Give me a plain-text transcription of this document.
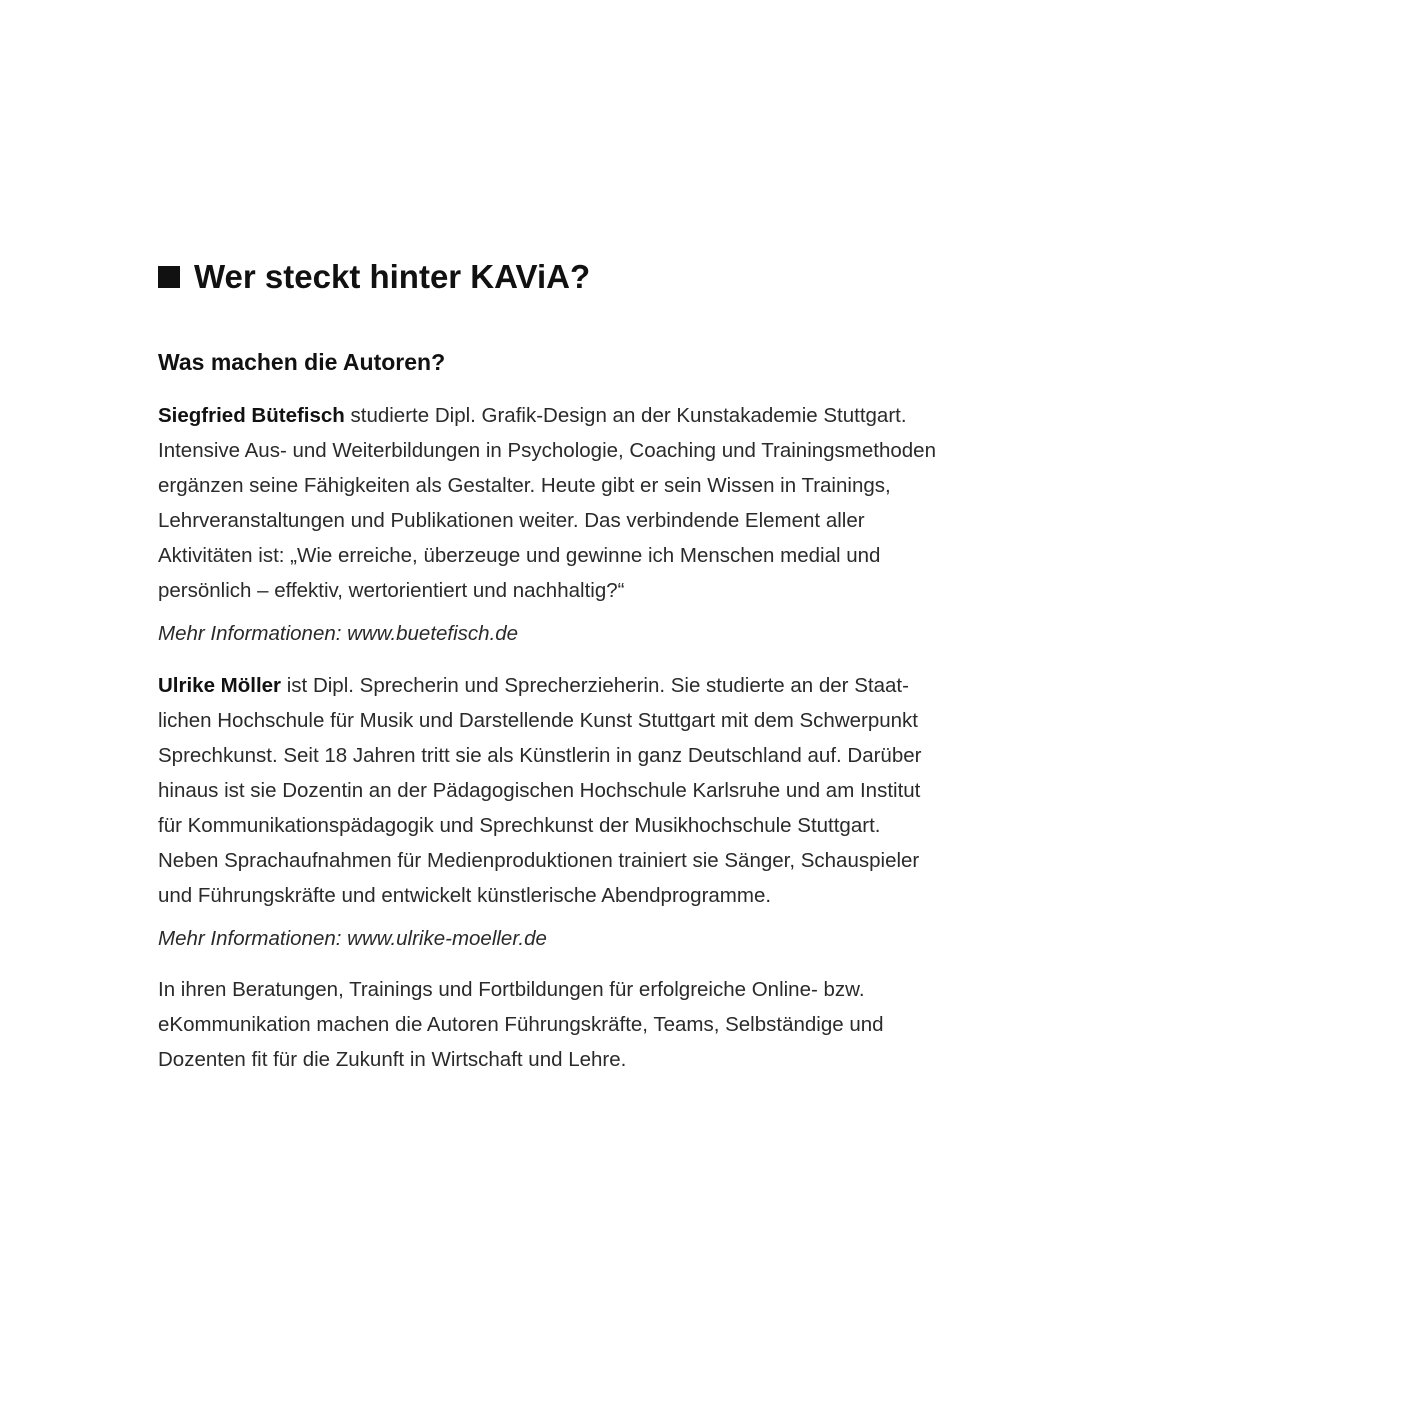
Wer steckt hinter KAViA?
Was machen die Autoren?
Siegfried Bütefisch studierte Dipl. Grafik-Design an der Kunstakademie Stuttgart.
Intensive Aus- und Weiterbildungen in Psychologie, Coaching und Trainingsmethoden
ergänzen seine Fähigkeiten als Gestalter. Heute gibt er sein Wissen in Trainings,
Lehrveranstaltungen und Publikationen weiter. Das verbindende Element aller
Aktivitäten ist: „Wie erreiche, überzeuge und gewinne ich Menschen medial und
persönlich – effektiv, wertorientiert und nachhaltig?“
Mehr Informationen: www.buetefisch.de
Ulrike Möller ist Dipl. Sprecherin und Sprecherzieherin. Sie studierte an der Staat-
lichen Hochschule für Musik und Darstellende Kunst Stuttgart mit dem Schwerpunkt
Sprechkunst. Seit 18 Jahren tritt sie als Künstlerin in ganz Deutschland auf. Darüber
hinaus ist sie Dozentin an der Pädagogischen Hochschule Karlsruhe und am Institut
für Kommunikationspädagogik und Sprechkunst der Musikhochschule Stuttgart.
Neben Sprachaufnahmen für Medienproduktionen trainiert sie Sänger, Schauspieler
und Führungskräfte und entwickelt künstlerische Abendprogramme.
Mehr Informationen: www.ulrike-moeller.de
In ihren Beratungen, Trainings und Fortbildungen für erfolgreiche Online- bzw.
eKommunikation machen die Autoren Führungskräfte, Teams, Selbständige und
Dozenten fit für die Zukunft in Wirtschaft und Lehre.
